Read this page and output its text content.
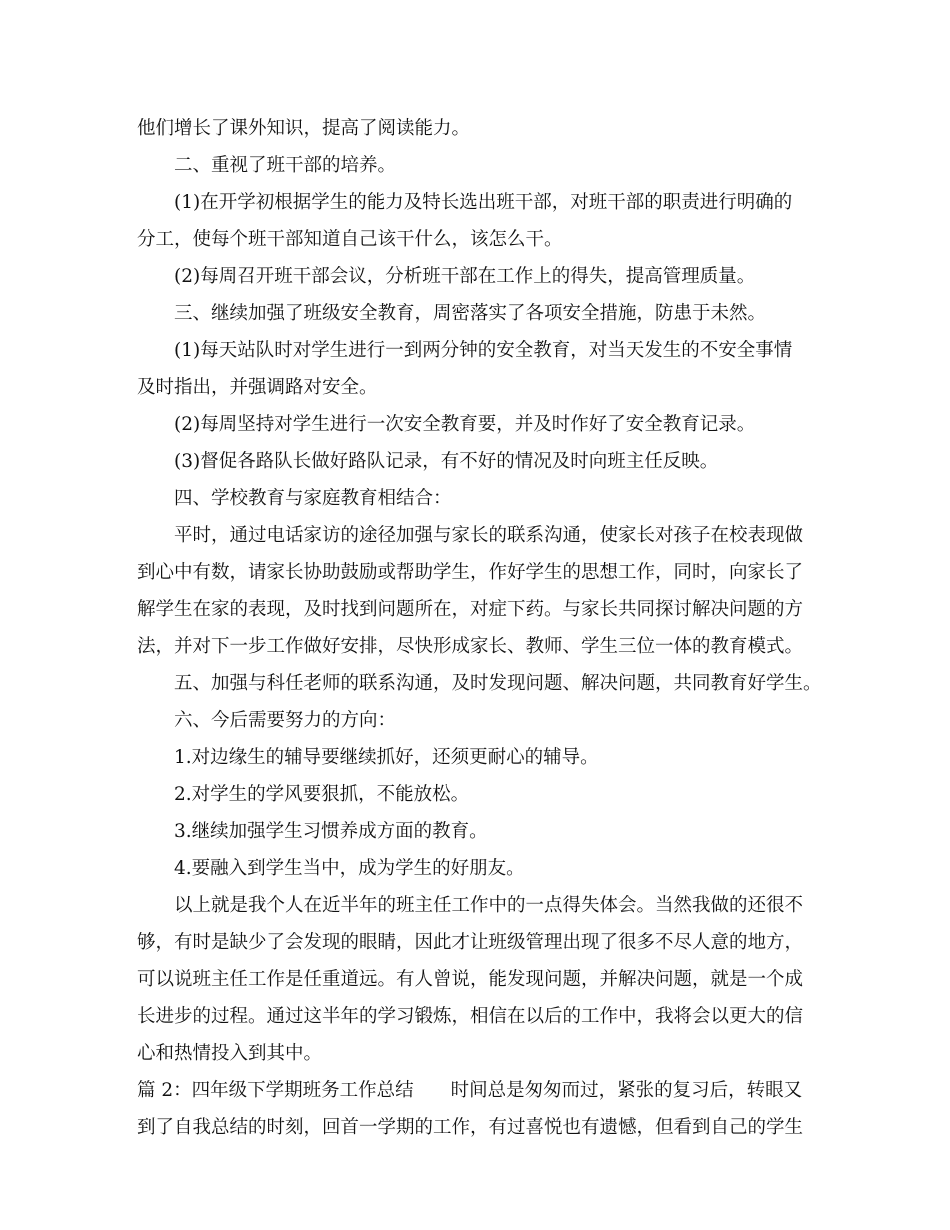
他们增长了课外知识，提高了阅读能力。
二、重视了班干部的培养。
(1)在开学初根据学生的能力及特长选出班干部，对班干部的职责进行明确的
分工，使每个班干部知道自己该干什么，该怎么干。
(2)每周召开班干部会议，分析班干部在工作上的得失，提高管理质量。
三、继续加强了班级安全教育，周密落实了各项安全措施，防患于未然。
(1)每天站队时对学生进行一到两分钟的安全教育，对当天发生的不安全事情
及时指出，并强调路对安全。
(2)每周坚持对学生进行一次安全教育要，并及时作好了安全教育记录。
(3)督促各路队长做好路队记录，有不好的情况及时向班主任反映。
四、学校教育与家庭教育相结合：
平时，通过电话家访的途径加强与家长的联系沟通，使家长对孩子在校表现做
到心中有数，请家长协助鼓励或帮助学生，作好学生的思想工作，同时，向家长了
解学生在家的表现，及时找到问题所在，对症下药。与家长共同探讨解决问题的方
法，并对下一步工作做好安排，尽快形成家长、教师、学生三位一体的教育模式。
五、加强与科任老师的联系沟通，及时发现问题、解决问题，共同教育好学生。
六、今后需要努力的方向：
1.对边缘生的辅导要继续抓好，还须更耐心的辅导。
2.对学生的学风要狠抓，不能放松。
3.继续加强学生习惯养成方面的教育。
4.要融入到学生当中，成为学生的好朋友。
以上就是我个人在近半年的班主任工作中的一点得失体会。当然我做的还很不
够，有时是缺少了会发现的眼睛，因此才让班级管理出现了很多不尽人意的地方，
可以说班主任工作是任重道远。有人曾说，能发现问题，并解决问题，就是一个成
长进步的过程。通过这半年的学习锻炼，相信在以后的工作中，我将会以更大的信
心和热情投入到其中。
篇 2：四年级下学期班务工作总结　　时间总是匆匆而过，紧张的复习后，转眼又
到了自我总结的时刻，回首一学期的工作，有过喜悦也有遗憾，但看到自己的学生
